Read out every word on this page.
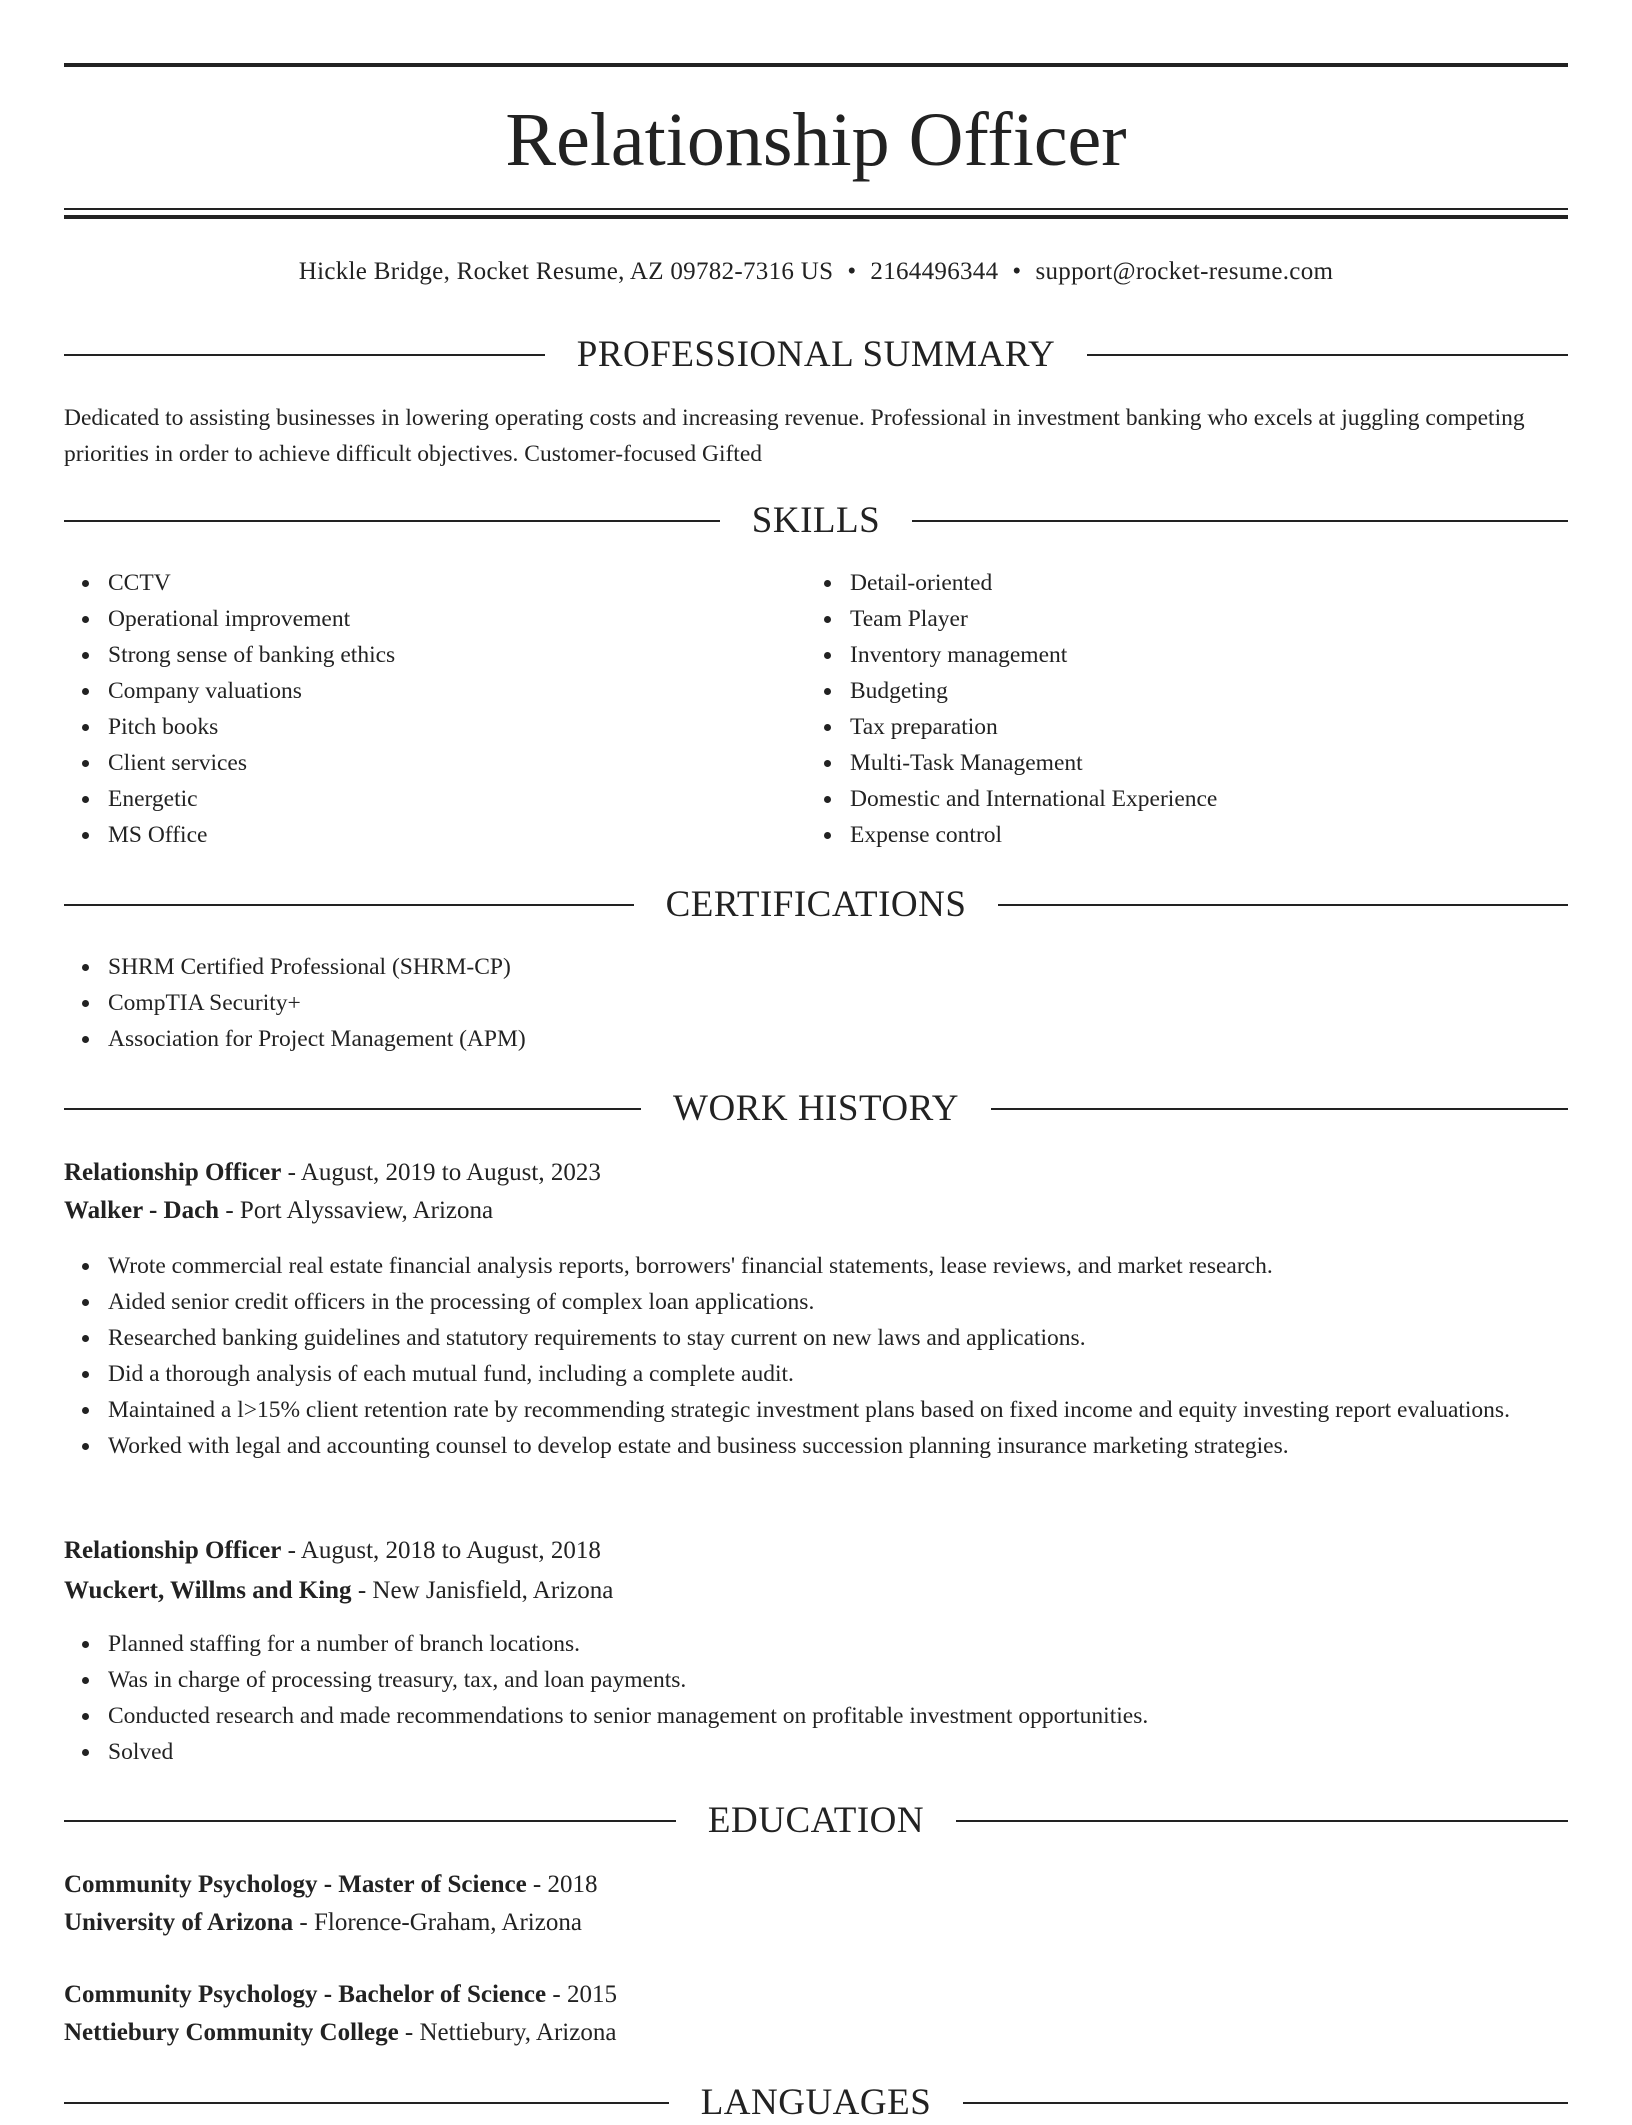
Relationship Officer
Hickle Bridge, Rocket Resume, AZ 09782-7316 US • 2164496344 • support@rocket-resume.com
PROFESSIONAL SUMMARY
Dedicated to assisting businesses in lowering operating costs and increasing revenue. Professional in investment banking who excels at juggling competing priorities in order to achieve difficult objectives. Customer-focused Gifted
SKILLS
CCTV
Operational improvement
Strong sense of banking ethics
Company valuations
Pitch books
Client services
Energetic
MS Office
Detail-oriented
Team Player
Inventory management
Budgeting
Tax preparation
Multi-Task Management
Domestic and International Experience
Expense control
CERTIFICATIONS
SHRM Certified Professional (SHRM-CP)
CompTIA Security+
Association for Project Management (APM)
WORK HISTORY
Relationship Officer - August, 2019 to August, 2023
Walker - Dach - Port Alyssaview, Arizona
Wrote commercial real estate financial analysis reports, borrowers' financial statements, lease reviews, and market research.
Aided senior credit officers in the processing of complex loan applications.
Researched banking guidelines and statutory requirements to stay current on new laws and applications.
Did a thorough analysis of each mutual fund, including a complete audit.
Maintained a l>15% client retention rate by recommending strategic investment plans based on fixed income and equity investing report evaluations.
Worked with legal and accounting counsel to develop estate and business succession planning insurance marketing strategies.
Relationship Officer - August, 2018 to August, 2018
Wuckert, Willms and King - New Janisfield, Arizona
Planned staffing for a number of branch locations.
Was in charge of processing treasury, tax, and loan payments.
Conducted research and made recommendations to senior management on profitable investment opportunities.
Solved
EDUCATION
Community Psychology - Master of Science - 2018
University of Arizona - Florence-Graham, Arizona
Community Psychology - Bachelor of Science - 2015
Nettiebury Community College - Nettiebury, Arizona
LANGUAGES
